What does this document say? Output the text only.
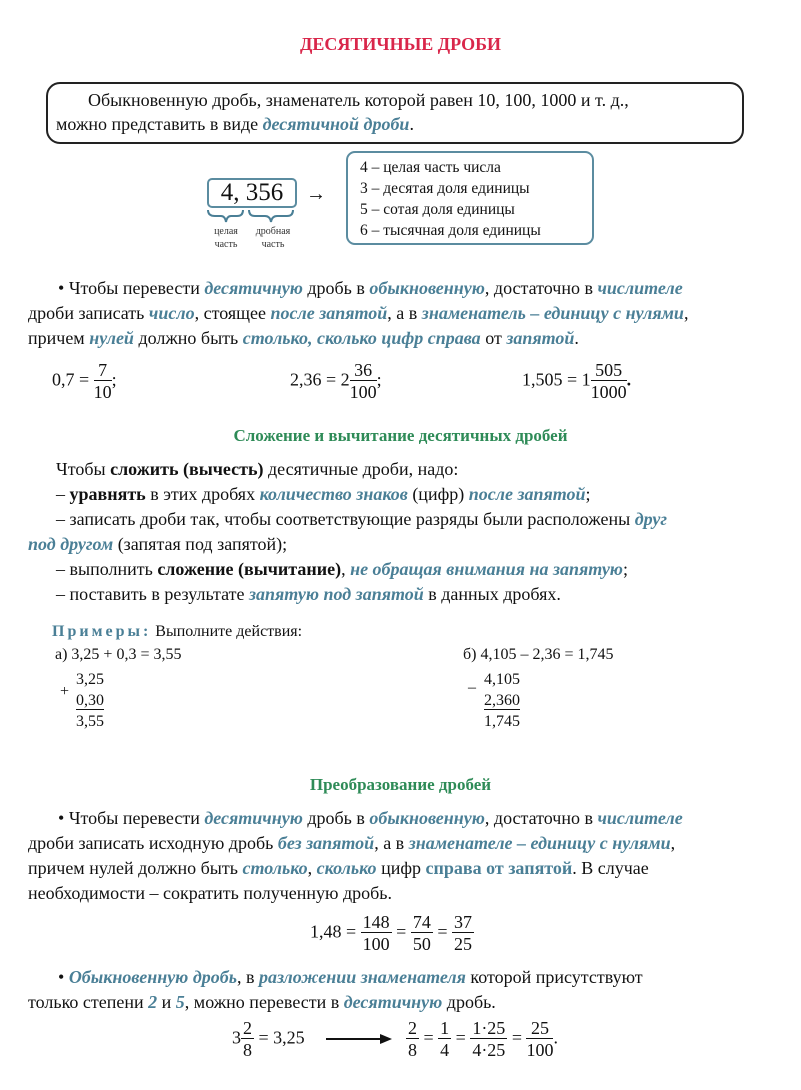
ДЕСЯТИЧНЫЕ ДРОБИ
Обыкновенную дробь, знаменатель которой равен 10, 100, 1000 и т. д.,
можно представить в виде десятичной дроби.
4, 356
целая
часть
дробная
часть
→
4 – целая часть числа
3 – десятая доля единицы
5 – сотая доля единицы
6 – тысячная доля единицы
• Чтобы перевести десятичную дробь в обыкновенную, достаточно в числителе
дроби записать число, стоящее после запятой, а в знаменатель – единицу с нулями,
причем нулей должно быть столько, сколько цифр справа от запятой.
$0,7 = \frac{7}{10}$ ;	$2,36 = 2 \frac{36}{100}$ ;	$1,505 = 1 \frac{505}{1000}$ .
Сложение и вычитание десятичных дробей
Чтобы сложить (вычесть) десятичные дроби, надо:
– уравнять в этих дробях количество знаков (цифр) после запятой;
– записать дроби так, чтобы соответствующие разряды были расположены друг
под другом (запятая под запятой);
– выполнить сложение (вычитание), не обращая внимания на запятую;
– поставить в результате запятую под запятой в данных дробях.
Примеры: Выполните действия:
а) 3,25 + 0,3 = 3,55
+
3,25
0,30
3,55
б) 4,105 – 2,36 = 1,745
– 4,105
2,360
1,745
Преобразование дробей
• Чтобы перевести десятичную дробь в обыкновенную, достаточно в числителе
дроби записать исходную дробь без запятой, а в знаменателе – единицу с нулями,
причем нулей должно быть столько, сколько цифр справа от запятой. В случае
необходимости – сократить полученную дробь.
$1,48 = \frac{148}{100} = \frac{74}{50} = \frac{37}{25}$
• Обыкновенную дробь, в разложении знаменателя которой присутствуют
только степени 2 и 5, можно перевести в десятичную дробь.
$3 \frac{2}{8} = 3,25$	$\frac{2}{8} = \frac{1}{4} = \frac{1\cdot 25}{4\cdot 25} = \frac{25}{100}$ .
